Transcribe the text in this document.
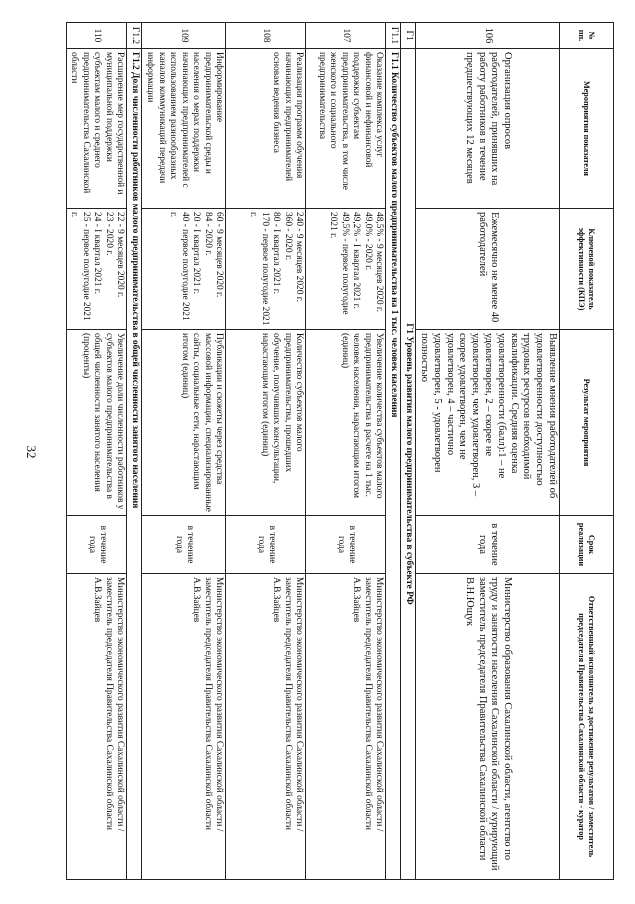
32
№ пп.	Мероприятия показателя	Ключевой показатель эффективности (КПЭ)	Результат мероприятия	Срок реализации	Ответственный исполнитель за достижение результатов / заместитель председателя Правительства Сахалинской области - куратор
106	Организация опросов работодателей, принявших на работу работников в течение предшествующих 12 месяцев	Ежемесячно не менее 40 работодателей	Выявление мнения работодателей об удовлетворенности доступностью трудовых ресурсов необходимой квалификации. Средняя оценка удовлетворенности (балл):1 – не удовлетворен, 2 – скорее не удовлетворен, чем удовлетворен, 3 – скорее удовлетворен, чем не удовлетворен, 4 – частично удовлетворен, 5 - удовлетворен полностью	в течение года	Министерство образования Сахалинской области, агентство по труду и занятости населения Сахалинской области / курирующий заместитель председателя Правительства Сахалинской области В.Н.Ющук
Г1	Г1 Уровень развития малого предпринимательства в субъекте РФ				
Г1.1	Г1.1 Количество субъектов малого предпринимательства на 1 тыс. человек населения				
107	Оказание комплекса услуг финансовой и нефинансовой поддержки субъектам предпринимательства, в том числе женского и социального предпринимательства	48,5% - 9 месяцев 2020 г.
49,0% - 2020 г.
49,2% - I квартал 2021 г.
49,5% - первое полугодие 2021 г.	Увеличение количества субъектов малого предпринимательства в расчете на 1 тыс. человек населения, нарастающим итогом (единиц)	в течение года	Министерство экономического развития Сахалинской области / заместитель председателя Правительства Сахалинской области А.В.Зайцев
108	Реализация программ обучения начинающих предпринимателей основам ведения бизнеса	240 - 9 месяцев 2020 г.
360 - 2020 г.
80 - I квартал 2021 г.
170 - первое полугодие 2021 г.	Количество субъектов малого предпринимательства, прошедших обучение, получивших консультации, нарастающим итогом (единиц)	в течение года	Министерство экономического развития Сахалинской области / заместитель председателя Правительства Сахалинской области А.В.Зайцев
109	Информирование предпринимательской среды и населения о мерах поддержки начинающих предпринимателей с использованием разнообразных каналов коммуникаций передачи информации	60 - 9 месяцев 2020 г.
84 - 2020 г.
20 - I квартал 2021 г.
40 - первое полугодие 2021 г.	Публикации и сюжеты через средства массовой информации, специализированные сайты, социальные сети, нарастающим итогом (единиц)	в течение года	Министерство экономического развития Сахалинской области / заместитель председателя Правительства Сахалинской области А.В.Зайцев
Г1.2	Г1.2 Доля численности работников малого предпринимательства в общей численности занятого населения				
110	Расширение мер государственной и муниципальной поддержки субъектам малого и среднего предпринимательства Сахалинской области	22 - 9 месяцев 2020 г.
23 - 2020 г.
24 - I квартал 2021 г.
25 - первое полугодие 2021 г.	Увеличение доли численности работников у субъектов малого предпринимательства в общей численности занятого населения (проценты)	в течение года	Министерство экономического развития Сахалинской области / заместитель председателя Правительства Сахалинской области А.В.Зайцев
